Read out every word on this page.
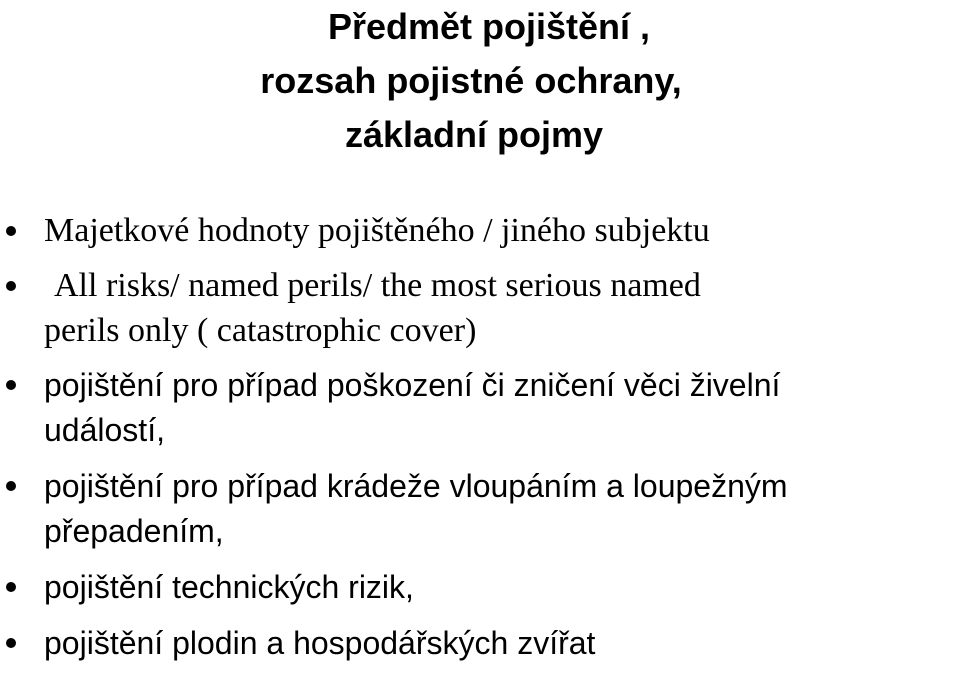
Předmět pojištění ,
rozsah pojistné ochrany,
základní pojmy
Majetkové hodnoty pojištěného / jiného subjektu
All risks/ named perils/ the most serious named
perils only ( catastrophic cover)
pojištění pro případ poškození či zničení věci živelní
událostí,
pojištění pro případ krádeže vloupáním a loupežným
přepadením,
pojištění technických rizik,
pojištění plodin a hospodářských zvířat
